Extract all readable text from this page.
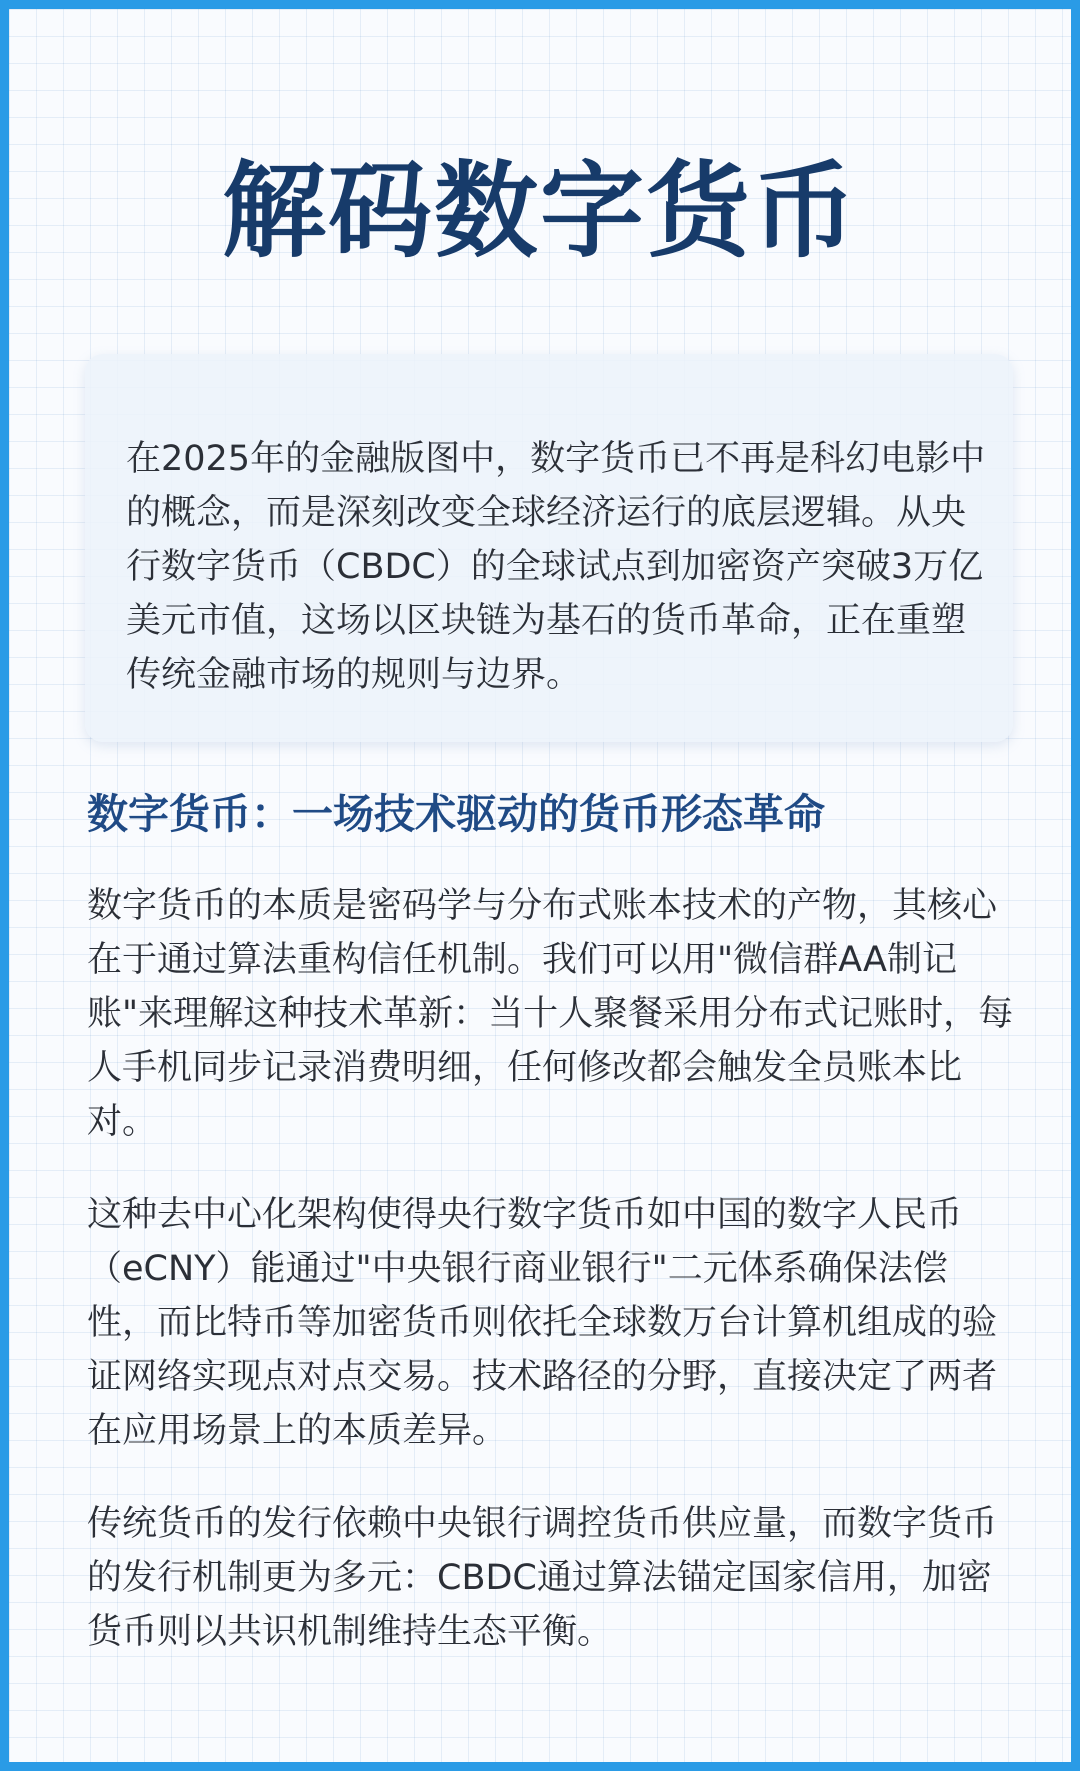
解码数字货币

在2025年的金融版图中，数字货币已不再是科幻电影中的概念，而是深刻改变全球经济运行的底层逻辑。从央行数字货币（CBDC）的全球试点到加密资产突破3万亿美元市值，这场以区块链为基石的货币革命，正在重塑传统金融市场的规则与边界。

数字货币：一场技术驱动的货币形态革命

数字货币的本质是密码学与分布式账本技术的产物，其核心在于通过算法重构信任机制。我们可以用"微信群AA制记账"来理解这种技术革新：当十人聚餐采用分布式记账时，每人手机同步记录消费明细，任何修改都会触发全员账本比对。

这种去中心化架构使得央行数字货币如中国的数字人民币（eCNY）能通过"中央银行商业银行"二元体系确保法偿性，而比特币等加密货币则依托全球数万台计算机组成的验证网络实现点对点交易。技术路径的分野，直接决定了两者在应用场景上的本质差异。

传统货币的发行依赖中央银行调控货币供应量，而数字货币的发行机制更为多元：CBDC通过算法锚定国家信用，加密货币则以共识机制维持生态平衡。
